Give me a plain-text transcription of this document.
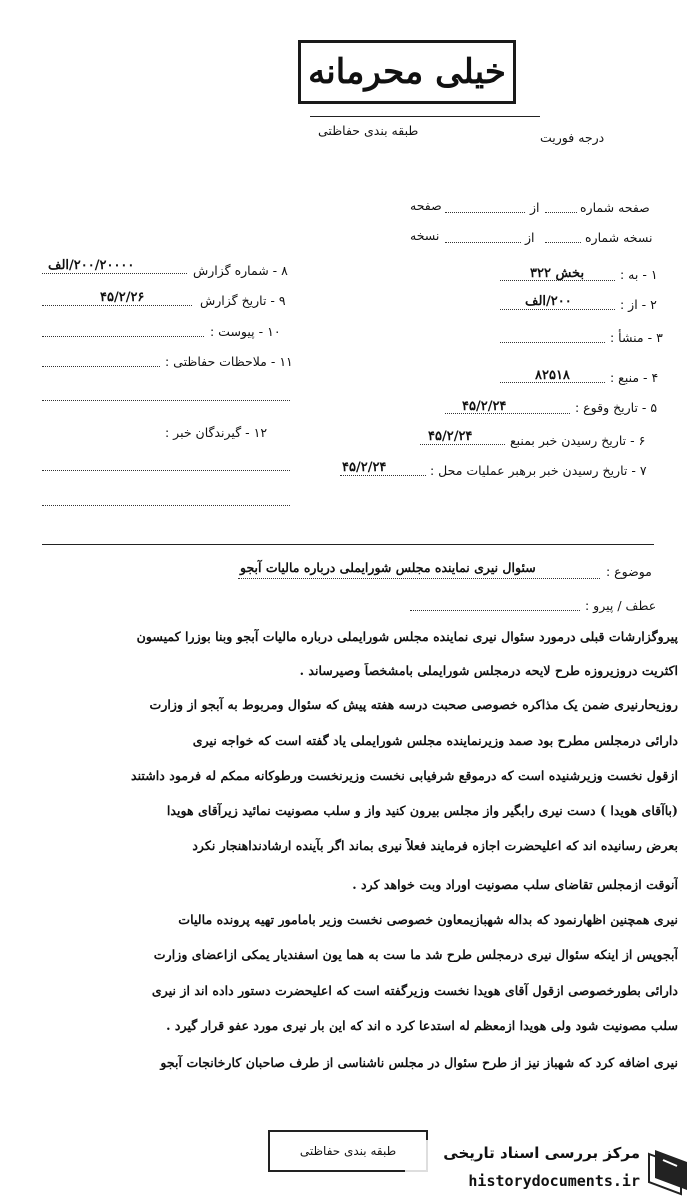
خیلی محرمانه
طبقه بندی حفاظتی	درجه فوریت
صفحه شماره
از
صفحه
نسخه شماره
از
نسخه
۱ - به :
بخش ۳۲۲
۲ - از :
۲۰۰/الف
۳ - منشأ :
۴ - منبع :
۸۲۵۱۸
۵ - تاریخ وقوع :
۴۵/۲/۲۴
۶ - تاریخ رسیدن خبر بمنبع
۴۵/۲/۲۴
۷ - تاریخ رسیدن خبر برهبر عملیات محل :
۴۵/۲/۲۴
۸ - شماره گزارش
۲۰۰/۲۰۰۰۰/الف
۹ - تاریخ گزارش
۴۵/۲/۲۶
۱۰ - پیوست :
۱۱ - ملاحظات حفاظتی :
۱۲ - گیرندگان خبر :
موضوع :
سئوال نیری نماینده مجلس شورایملی درباره مالیات آبجو
عطف / پیرو :
پیروگزارشات قبلی درمورد سئوال نیری نماینده مجلس شورایملی درباره مالیات آبجو وبنا بوزرا کمیسون
اکثریت دروزیروزه طرح لایحه درمجلس شورایملی بامشخصاً وصیرساند .
روزیحارنیری ضمن یک مذاکره خصوصی صحبت درسه هفته پیش که سئوال ومربوط به آبجو از وزارت
دارائی درمجلس مطرح بود صمد وزیرنماینده مجلس شورایملی یاد گفته است که خواجه نیری
ازقول نخست وزیرشنیده است که درموقع شرفیابی نخست وزیرنخست ورطوکانه ممکم له فرمود داشتند
(باآقای هویدا ) دست نیری رابگیر واز مجلس بیرون کنید واز و سلب مصونیت نمائید زیرآقای هویدا
بعرض رسانیده اند که اعلیحضرت اجازه فرمایند فعلاً نیری بماند اگر بآینده ارشادنداهنجار نکرد
آنوقت ازمجلس تقاضای سلب مصونیت اوراد وبت خواهد کرد .
نیری همچنین اظهارنمود که بداله شهبازیمعاون خصوصی نخست وزیر بامامور تهیه پرونده مالیات
آبجوپس از اینکه سئوال نیری درمجلس طرح شد ما ست به هما یون اسفندیار یمکی ازاعضای وزارت
دارائی بطورخصوصی ازقول آقای هویدا نخست وزیرگفته است که اعلیحضرت دستور داده اند از نیری
سلب مصونیت شود ولی هویدا ازمعظم له استدعا کرد ه اند که این بار نیری مورد عفو قرار گیرد .
نیری اضافه کرد که شهباز نیز از طرح سئوال در مجلس ناشناسی از طرف صاحبان کارخانجات آبجو
طبقه بندی حفاظتی	مرکز بررسی اسناد تاریخی
historydocuments.ir
